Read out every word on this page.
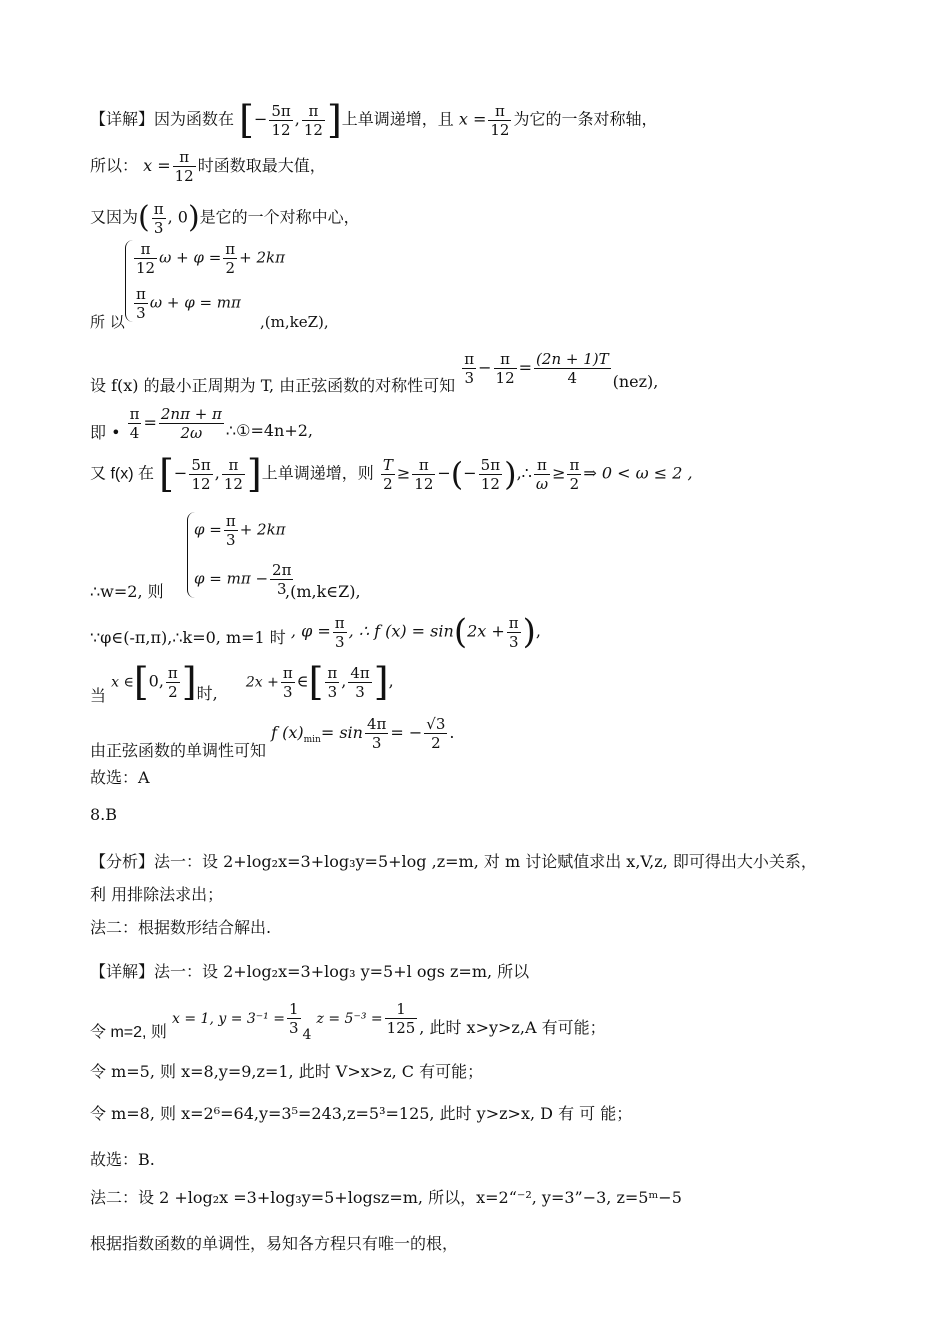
【详解】因为函数在 [− $\frac{5\pi}{12}$ , $\frac{\pi}{12}$ ]上单调递增，且 $x = \frac{\pi}{12}$ 为它的一条对称轴，
所以： $x = \frac{\pi}{12}$ 时函数取最大值，
又因为( $\frac{\pi}{3}$ , 0)是它的一个对称中心，
$\frac{\pi}{12}$ $\omega + \varphi = \frac{\pi}{2} + 2k\pi$
$\frac{\pi}{3}$ ω + φ = mπ
所 以	,(m,keZ),
设 f(x) 的最小正周期为 T, 由正弦函数的对称性可知 $\frac{\pi}{3} - \frac{\pi}{12} = \frac{(2n + 1)T}{4} (nez)$,
即 • $\frac{\pi}{4} = \frac{2n\pi + \pi}{2\omega}$ ∴①=4n+2,
又 f(x) 在 [− $\frac{5\pi}{12}$ , $\frac{\pi}{12}$ ]上单调递增，则 $\frac{T}{2} \ge \frac{\pi}{12}$ −(− $\frac{5\pi}{12}$ ),∴ $\frac{\pi}{\omega} \ge \frac{\pi}{2}$ ⇒ 0 < ω ≤ 2 ,
$\varphi = \frac{\pi}{3} + 2k\pi$
$\varphi = m\pi - \frac{2\pi}{3}$
∴w=2, 则	,(m,k∈Z),
∵φ∈(-π,π),∴k=0, m=1 时 , $\varphi = \frac{\pi}{3}$ , ∴ f $(x) = \sin(2x + \frac{\pi}{3}$ ),
当 x ∈[0, $\frac{\pi}{2}$ ]时,  $2x + \frac{\pi}{3}$ ∈[ $\frac{\pi}{3}$ , $\frac{4\pi}{3}$ ],
由正弦函数的单调性可知 f $(x)_{min}= \sin \frac{4\pi}{3}$ = − $\frac{√3}{2}$ .
故选：A
8.B
【分析】法一：设 2+log₂x=3+log₃y=5+log ,z=m, 对 m 讨论赋值求出 x,V,z, 即可得出大小关系，
利 用排除法求出；
法二：根据数形结合解出.
【详解】法一：设 2+log₂x=3+log₃ y=5+l ogs z=m, 所以
令 m=2, 则 x = 1, $y = 3^{-1} = \frac{1}{3} 4$ $z = 5^{-3} = \frac{1}{125}$ , 此时 x>y>z,A 有可能；
令 m=5, 则 x=8,y=9,z=1, 此时 V>x>z, C 有可能；
令 m=8, 则 x=2⁶=64,y=3⁵=243,z=5³=125, 此时 y>z>x, D 有 可 能；
故选：B.
法二：设 2 +log₂x =3+log₃y=5+logsz=m, 所以，x=2“⁻², y=3”−3, z=5ᵐ−5
根据指数函数的单调性，易知各方程只有唯一的根，
